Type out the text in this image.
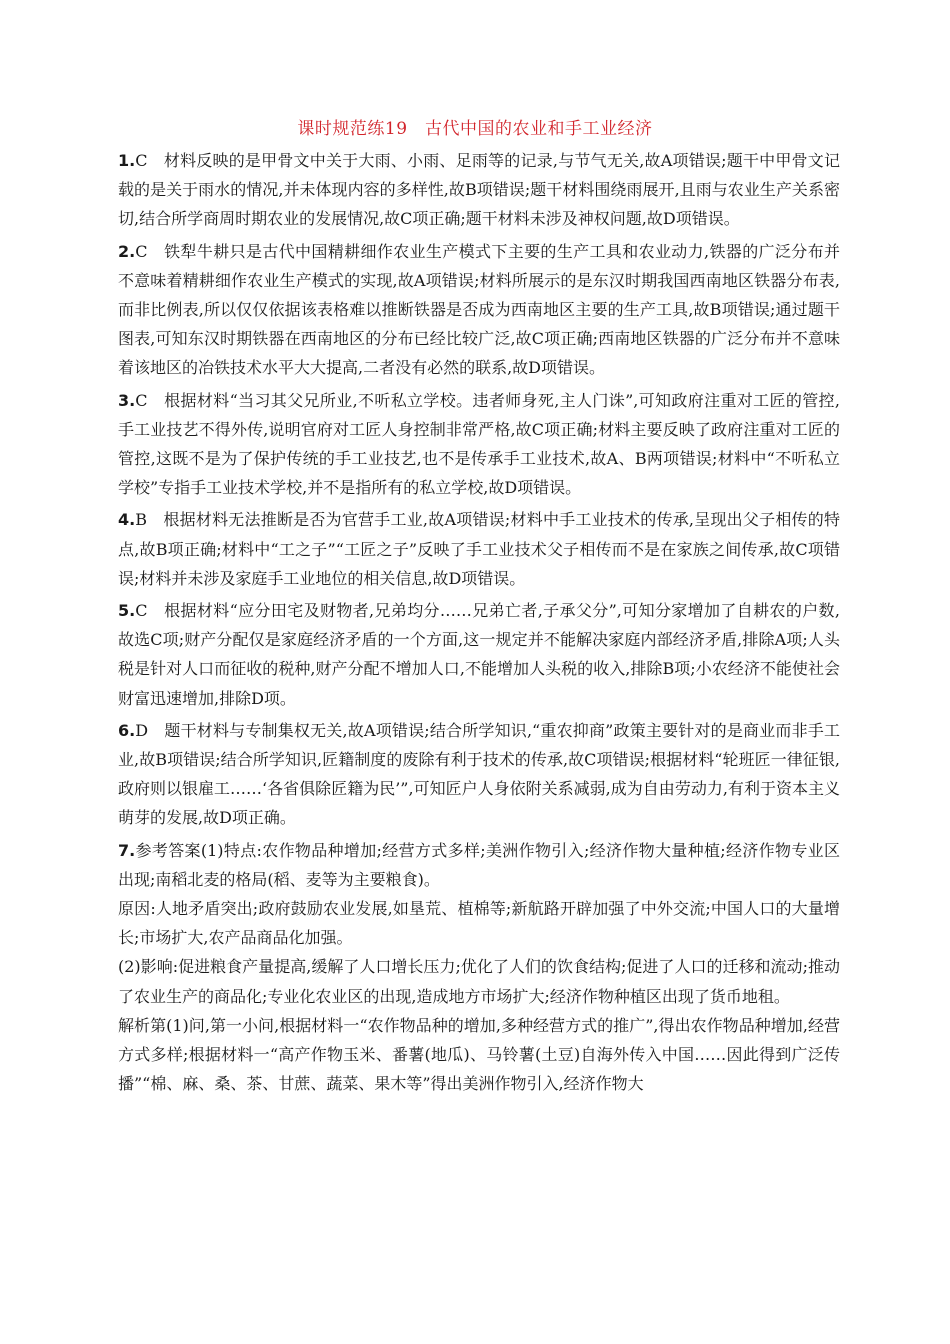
课时规范练19　古代中国的农业和手工业经济

1.C　材料反映的是甲骨文中关于大雨、小雨、足雨等的记录,与节气无关,故A项错误;题干中甲骨文记载的是关于雨水的情况,并未体现内容的多样性,故B项错误;题干材料围绕雨展开,且雨与农业生产关系密切,结合所学商周时期农业的发展情况,故C项正确;题干材料未涉及神权问题,故D项错误。

2.C　铁犁牛耕只是古代中国精耕细作农业生产模式下主要的生产工具和农业动力,铁器的广泛分布并不意味着精耕细作农业生产模式的实现,故A项错误;材料所展示的是东汉时期我国西南地区铁器分布表,而非比例表,所以仅仅依据该表格难以推断铁器是否成为西南地区主要的生产工具,故B项错误;通过题干图表,可知东汉时期铁器在西南地区的分布已经比较广泛,故C项正确;西南地区铁器的广泛分布并不意味着该地区的冶铁技术水平大大提高,二者没有必然的联系,故D项错误。

3.C　根据材料“当习其父兄所业,不听私立学校。违者师身死,主人门诛”,可知政府注重对工匠的管控,手工业技艺不得外传,说明官府对工匠人身控制非常严格,故C项正确;材料主要反映了政府注重对工匠的管控,这既不是为了保护传统的手工业技艺,也不是传承手工业技术,故A、B两项错误;材料中“不听私立学校”专指手工业技术学校,并不是指所有的私立学校,故D项错误。

4.B　根据材料无法推断是否为官营手工业,故A项错误;材料中手工业技术的传承,呈现出父子相传的特点,故B项正确;材料中“工之子”“工匠之子”反映了手工业技术父子相传而不是在家族之间传承,故C项错误;材料并未涉及家庭手工业地位的相关信息,故D项错误。

5.C　根据材料“应分田宅及财物者,兄弟均分……兄弟亡者,子承父分”,可知分家增加了自耕农的户数,故选C项;财产分配仅是家庭经济矛盾的一个方面,这一规定并不能解决家庭内部经济矛盾,排除A项;人头税是针对人口而征收的税种,财产分配不增加人口,不能增加人头税的收入,排除B项;小农经济不能使社会财富迅速增加,排除D项。

6.D　题干材料与专制集权无关,故A项错误;结合所学知识,“重农抑商”政策主要针对的是商业而非手工业,故B项错误;结合所学知识,匠籍制度的废除有利于技术的传承,故C项错误;根据材料“轮班匠一律征银,政府则以银雇工……‘各省俱除匠籍为民’”,可知匠户人身依附关系减弱,成为自由劳动力,有利于资本主义萌芽的发展,故D项正确。

7.参考答案(1)特点:农作物品种增加;经营方式多样;美洲作物引入;经济作物大量种植;经济作物专业区出现;南稻北麦的格局(稻、麦等为主要粮食)。

原因:人地矛盾突出;政府鼓励农业发展,如垦荒、植棉等;新航路开辟加强了中外交流;中国人口的大量增长;市场扩大,农产品商品化加强。

(2)影响:促进粮食产量提高,缓解了人口增长压力;优化了人们的饮食结构;促进了人口的迁移和流动;推动了农业生产的商品化;专业化农业区的出现,造成地方市场扩大;经济作物种植区出现了货币地租。

解析第(1)问,第一小问,根据材料一“农作物品种的增加,多种经营方式的推广”,得出农作物品种增加,经营方式多样;根据材料一“高产作物玉米、番薯(地瓜)、马铃薯(土豆)自海外传入中国……因此得到广泛传播”“棉、麻、桑、茶、甘蔗、蔬菜、果木等”得出美洲作物引入,经济作物大
